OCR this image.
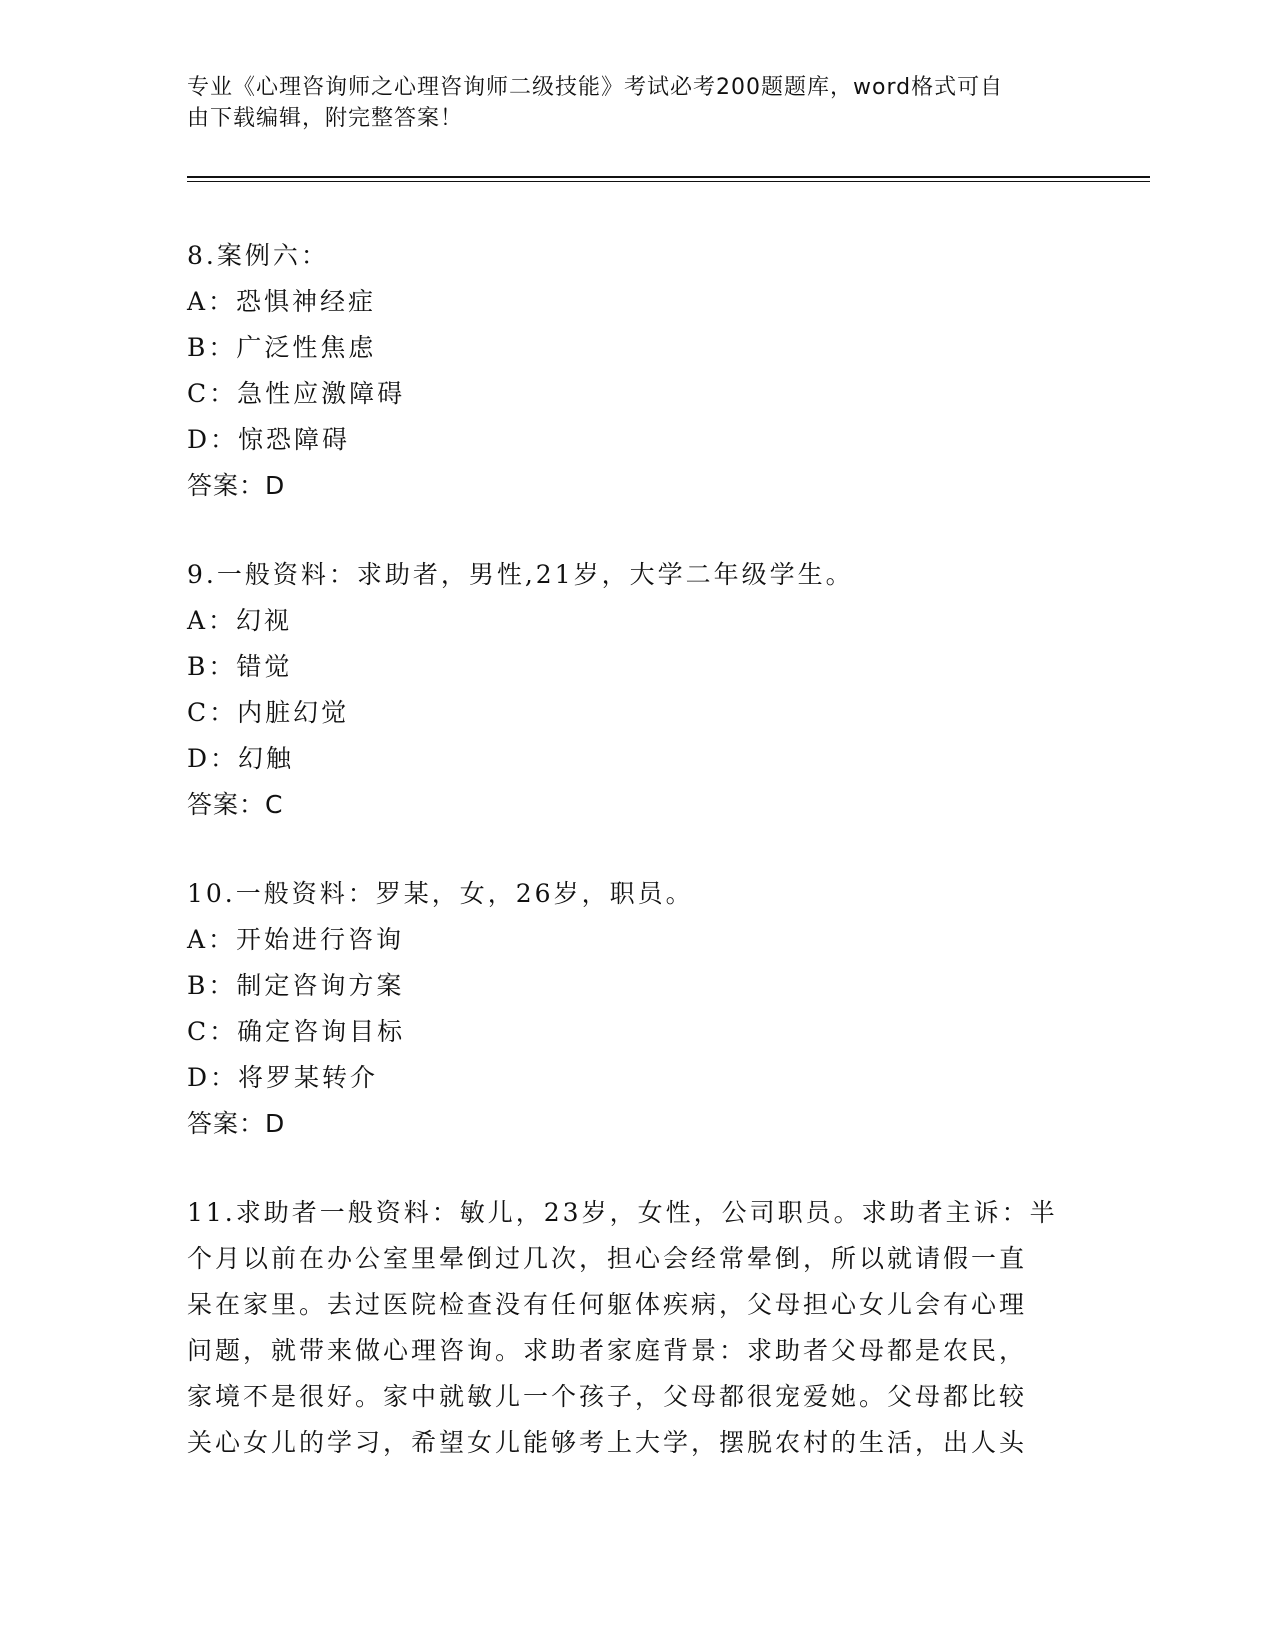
专业《心理咨询师之心理咨询师二级技能》考试必考200题题库，word格式可自
由下载编辑，附完整答案！
8.案例六：
A：恐惧神经症
B：广泛性焦虑
C：急性应激障碍
D：惊恐障碍
答案：D
9.一般资料：求助者，男性,21岁，大学二年级学生。
A：幻视
B：错觉
C：内脏幻觉
D：幻触
答案：C
10.一般资料：罗某，女，26岁，职员。
A：开始进行咨询
B：制定咨询方案
C：确定咨询目标
D：将罗某转介
答案：D
11.求助者一般资料：敏儿，23岁，女性，公司职员。求助者主诉：半
个月以前在办公室里晕倒过几次，担心会经常晕倒，所以就请假一直
呆在家里。去过医院检查没有任何躯体疾病，父母担心女儿会有心理
问题，就带来做心理咨询。求助者家庭背景：求助者父母都是农民，
家境不是很好。家中就敏儿一个孩子，父母都很宠爱她。父母都比较
关心女儿的学习，希望女儿能够考上大学，摆脱农村的生活，出人头
